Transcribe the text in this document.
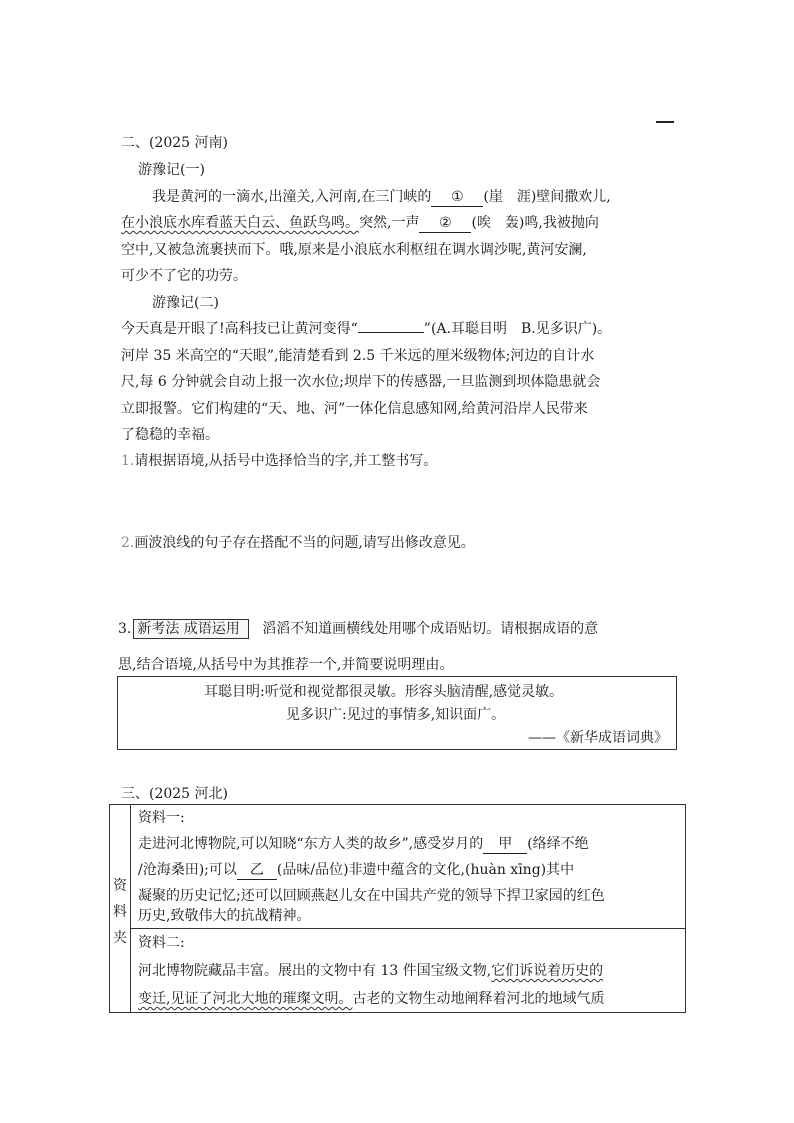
二、(2025 河南)
游豫记(一)
我是黄河的一滴水,出潼关,入河南,在三门峡的 ① (崖　涯)壁间撒欢儿,
在小浪底水库看蓝天白云、鱼跃鸟鸣。突然,一声 ② (唉　轰)鸣,我被抛向
空中,又被急流裹挟而下。哦,原来是小浪底水利枢纽在调水调沙呢,黄河安澜,
可少不了它的功劳。
游豫记(二)
今天真是开眼了!高科技已让黄河变得“	”(A.耳聪目明　B.见多识广)。
河岸 35 米高空的“天眼”,能清楚看到 2.5 千米远的厘米级物体;河边的自计水
尺,每 6 分钟就会自动上报一次水位;坝岸下的传感器,一旦监测到坝体隐患就会
立即报警。它们构建的“天、地、河”一体化信息感知网,给黄河沿岸人民带来
了稳稳的幸福。
1.请根据语境,从括号中选择恰当的字,并工整书写。
2.画波浪线的句子存在搭配不当的问题,请写出修改意见。
3. 新考法 成语运用 滔滔不知道画横线处用哪个成语贴切。请根据成语的意
思,结合语境,从括号中为其推荐一个,并简要说明理由。
耳聪目明:听觉和视觉都很灵敏。形容头脑清醒,感觉灵敏。
见多识广:见过的事情多,知识面广。
——《新华成语词典》
三、(2025 河北)
资
料
夹
资料一:
走进河北博物院,可以知晓“东方人类的故乡”,感受岁月的 甲 (络绎不绝
/沧海桑田);可以 乙 (品味/品位)非遗中蕴含的文化,(huàn xīng)其中
凝聚的历史记忆;还可以回顾燕赵儿女在中国共产党的领导下捍卫家园的红色
历史,致敬伟大的抗战精神。
资料二:
河北博物院藏品丰富。展出的文物中有 13 件国宝级文物,它们诉说着历史的
变迁,见证了河北大地的璀璨文明。古老的文物生动地阐释着河北的地域气质
